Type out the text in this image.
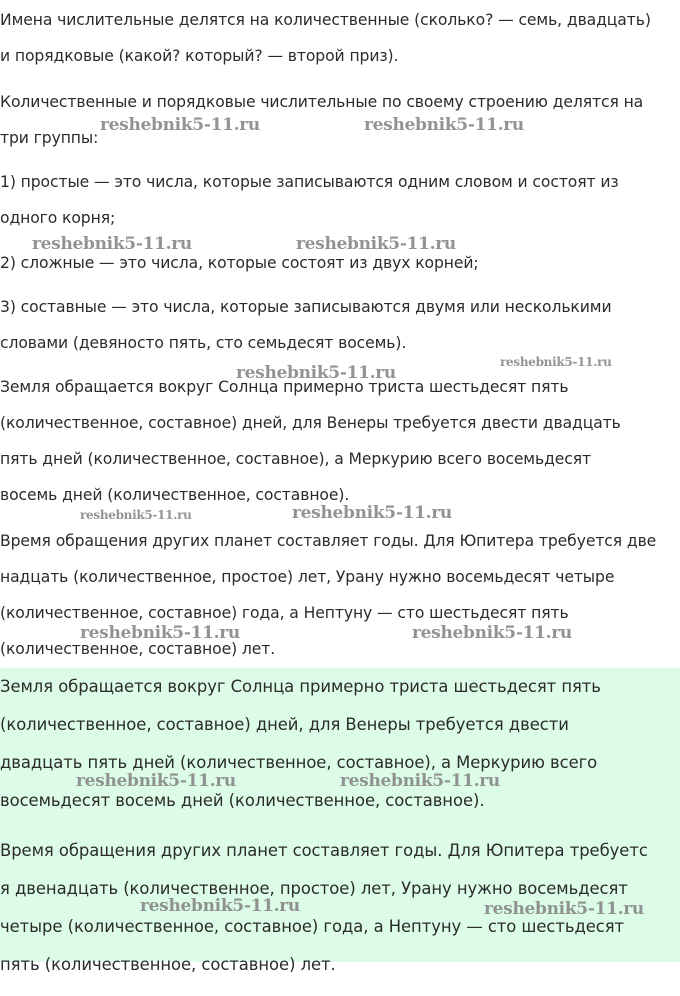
Имена числительные делятся на количественные (сколько? — семь, двадцать)
и порядковые (какой? который? — второй приз).
Количественные и порядковые числительные по своему строению делятся на
три группы:
1) простые — это числа, которые записываются одним словом и состоят из
одного корня;
2) сложные — это числа, которые состоят из двух корней;
3) составные — это числа, которые записываются двумя или несколькими
словами (девяносто пять, сто семьдесят восемь).
Земля обращается вокруг Солнца примерно триста шестьдесят пять
(количественное, составное) дней, для Венеры требуется двести двадцать
пять дней (количественное, составное), а Меркурию всего восемьдесят
восемь дней (количественное, составное).
Время обращения других планет составляет годы. Для Юпитера требуется две
надцать (количественное, простое) лет, Урану нужно восемьдесят четыре
(количественное, составное) года, а Нептуну — сто шестьдесят пять
(количественное, составное) лет.
Земля обращается вокруг Солнца примерно триста шестьдесят пять
(количественное, составное) дней, для Венеры требуется двести
двадцать пять дней (количественное, составное), а Меркурию всего
восемьдесят восемь дней (количественное, составное).
Время обращения других планет составляет годы. Для Юпитера требуетс
я двенадцать (количественное, простое) лет, Урану нужно восемьдесят
четыре (количественное, составное) года, а Нептуну — сто шестьдесят
пять (количественное, составное) лет.
reshebnik5-11.ru	reshebnik5-11.ru
reshebnik5-11.ru	reshebnik5-11.ru
reshebnik5-11.ru
reshebnik5-11.ru
reshebnik5-11.ru	reshebnik5-11.ru
reshebnik5-11.ru	reshebnik5-11.ru
reshebnik5-11.ru	reshebnik5-11.ru
reshebnik5-11.ru	reshebnik5-11.ru
